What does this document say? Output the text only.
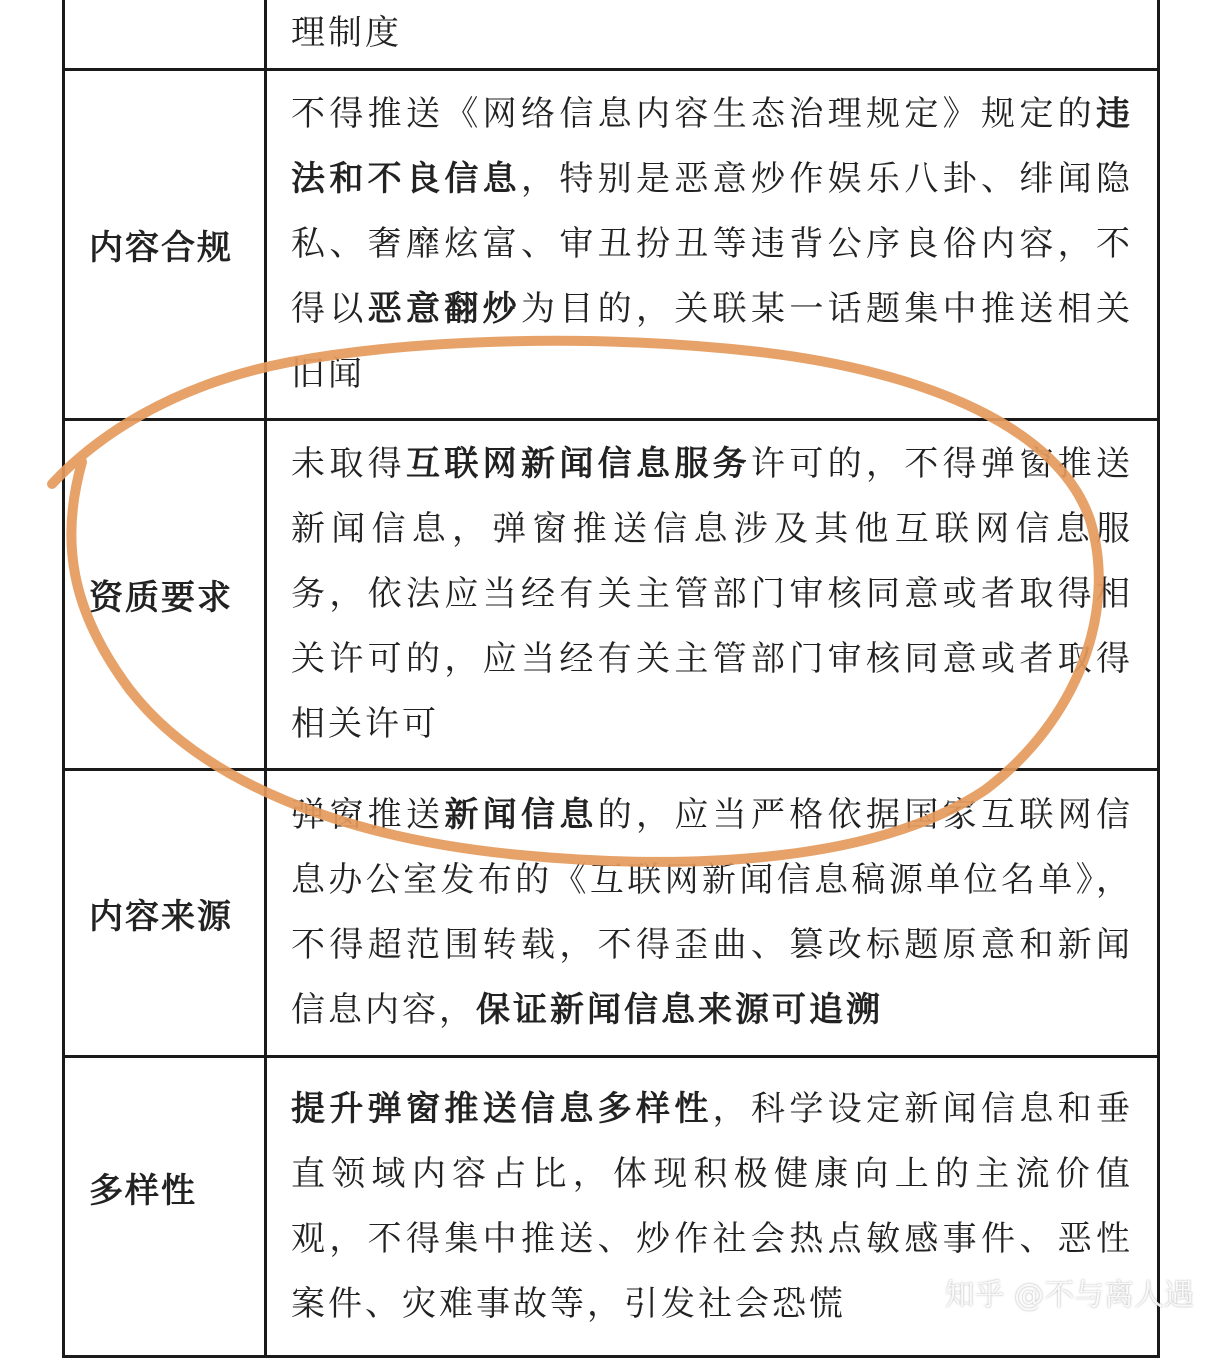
	理制度
内容合规	不得推送《网络信息内容生态治理规定》规定的违法和不良信息，特别是恶意炒作娱乐八卦、绯闻隐私、奢靡炫富、审丑扮丑等违背公序良俗内容，不得以恶意翻炒为目的，关联某一话题集中推送相关旧闻
资质要求	未取得互联网新闻信息服务许可的，不得弹窗推送新闻信息，弹窗推送信息涉及其他互联网信息服务，依法应当经有关主管部门审核同意或者取得相关许可的，应当经有关主管部门审核同意或者取得相关许可
内容来源	弹窗推送新闻信息的，应当严格依据国家互联网信息办公室发布的《互联网新闻信息稿源单位名单》，不得超范围转载，不得歪曲、篡改标题原意和新闻信息内容，保证新闻信息来源可追溯
多样性	提升弹窗推送信息多样性，科学设定新闻信息和垂直领域内容占比，体现积极健康向上的主流价值观，不得集中推送、炒作社会热点敏感事件、恶性案件、灾难事故等，引发社会恐慌	知乎 @不与离人遇
